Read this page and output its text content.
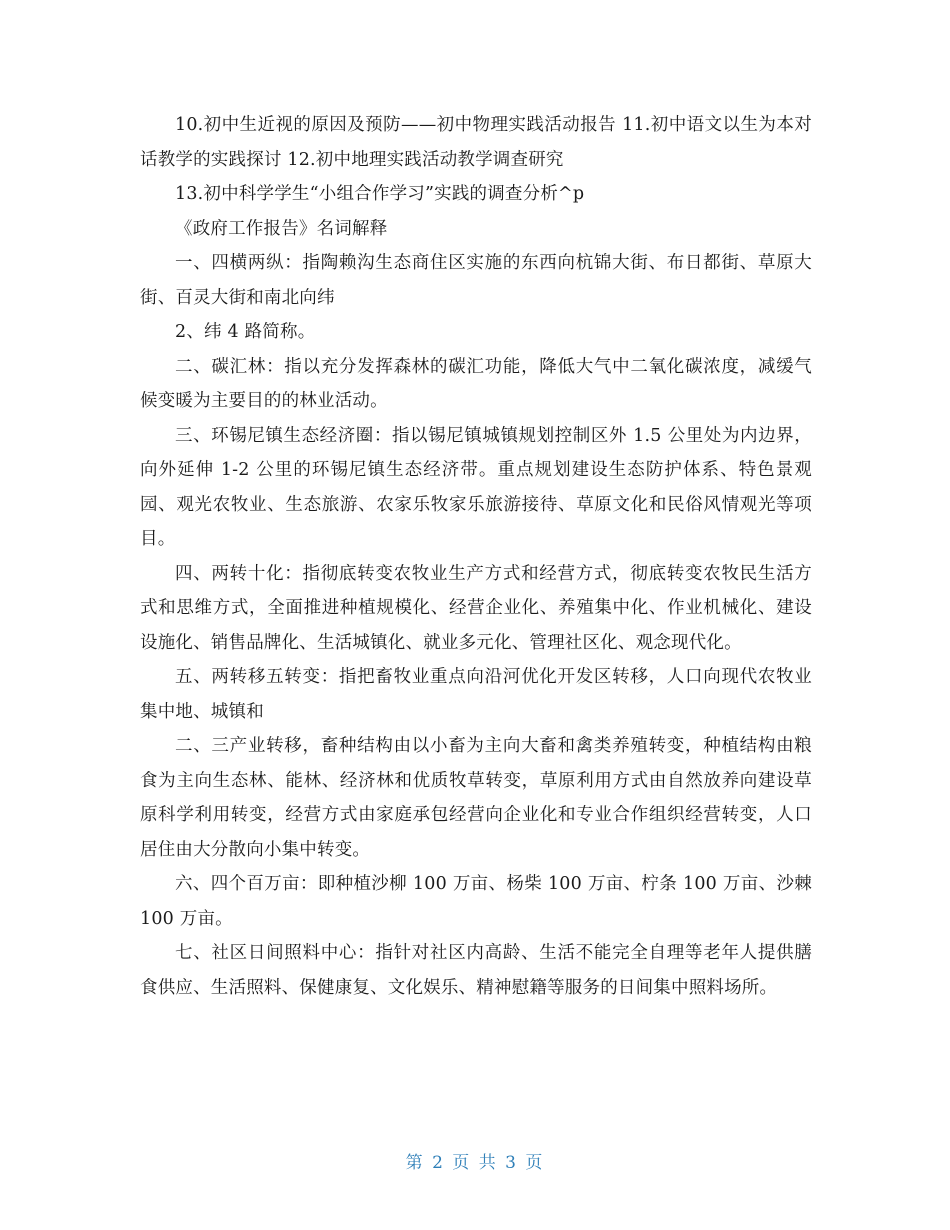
10.初中生近视的原因及预防——初中物理实践活动报告 11.初中语文以生为本对话教学的实践探讨 12.初中地理实践活动教学调查研究

13.初中科学学生“小组合作学习”实践的调查分析^p

《政府工作报告》名词解释

一、四横两纵：指陶赖沟生态商住区实施的东西向杭锦大街、布日都街、草原大街、百灵大街和南北向纬

2、纬 4 路简称。

二、碳汇林：指以充分发挥森林的碳汇功能，降低大气中二氧化碳浓度，减缓气候变暖为主要目的的林业活动。

三、环锡尼镇生态经济圈：指以锡尼镇城镇规划控制区外 1.5 公里处为内边界，向外延伸 1-2 公里的环锡尼镇生态经济带。重点规划建设生态防护体系、特色景观园、观光农牧业、生态旅游、农家乐牧家乐旅游接待、草原文化和民俗风情观光等项目。

四、两转十化：指彻底转变农牧业生产方式和经营方式，彻底转变农牧民生活方式和思维方式，全面推进种植规模化、经营企业化、养殖集中化、作业机械化、建设设施化、销售品牌化、生活城镇化、就业多元化、管理社区化、观念现代化。

五、两转移五转变：指把畜牧业重点向沿河优化开发区转移，人口向现代农牧业集中地、城镇和

二、三产业转移，畜种结构由以小畜为主向大畜和禽类养殖转变，种植结构由粮食为主向生态林、能林、经济林和优质牧草转变，草原利用方式由自然放养向建设草原科学利用转变，经营方式由家庭承包经营向企业化和专业合作组织经营转变，人口居住由大分散向小集中转变。

六、四个百万亩：即种植沙柳 100 万亩、杨柴 100 万亩、柠条 100 万亩、沙棘 100 万亩。

七、社区日间照料中心：指针对社区内高龄、生活不能完全自理等老年人提供膳食供应、生活照料、保健康复、文化娱乐、精神慰籍等服务的日间集中照料场所。

第 2 页 共 3 页
